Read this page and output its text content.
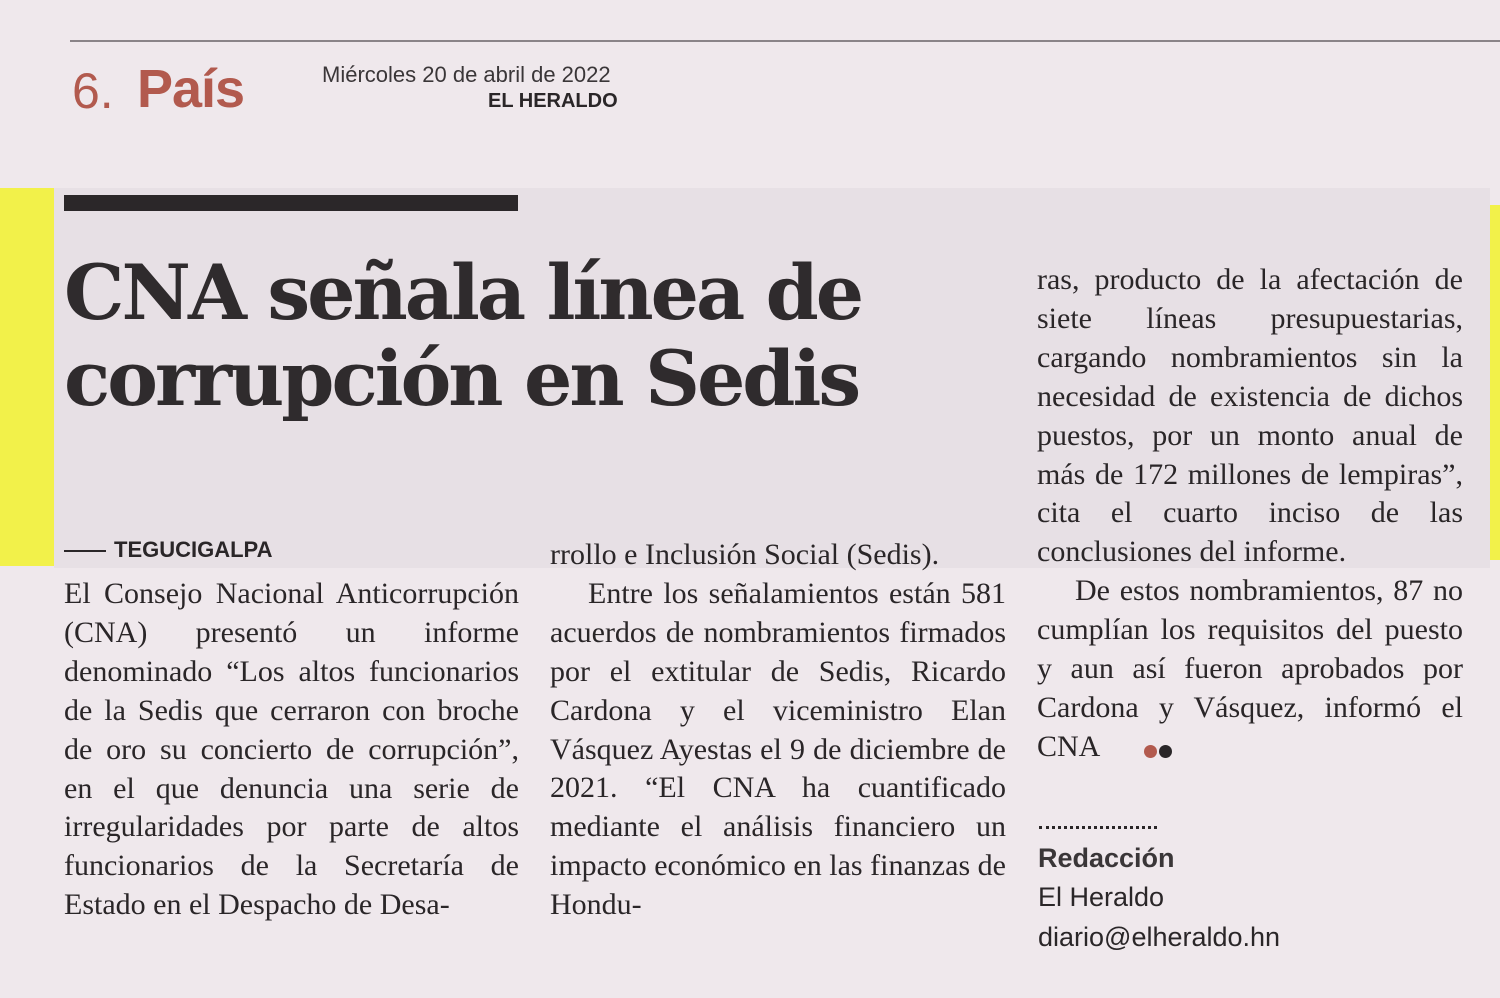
6. País	Miércoles 20 de abril de 2022
EL HERALDO
CNA señala línea de corrupción en Sedis
TEGUCIGALPA

El Consejo Nacional Anticorrupción (CNA) presentó un informe denominado “Los altos funcionarios de la Sedis que cerraron con broche de oro su concierto de corrupción”, en el que denuncia una serie de irregularidades por parte de altos funcionarios de la Secretaría de Estado en el Despacho de Desa-

rrollo e Inclusión Social (Sedis).

Entre los señalamientos están 581 acuerdos de nombramientos firmados por el extitular de Sedis, Ricardo Cardona y el viceministro Elan Vásquez Ayestas el 9 de diciembre de 2021. “El CNA ha cuantificado mediante el análisis financiero un impacto económico en las finanzas de Hondu-

ras, producto de la afectación de siete líneas presupuestarias, cargando nombramientos sin la necesidad de existencia de dichos puestos, por un monto anual de más de 172 millones de lempiras”, cita el cuarto inciso de las conclusiones del informe.

De estos nombramientos, 87 no cumplían los requisitos del puesto y aun así fueron aprobados por Cardona y Vásquez, informó el CNA

Redacción
El Heraldo
diario@elheraldo.hn
